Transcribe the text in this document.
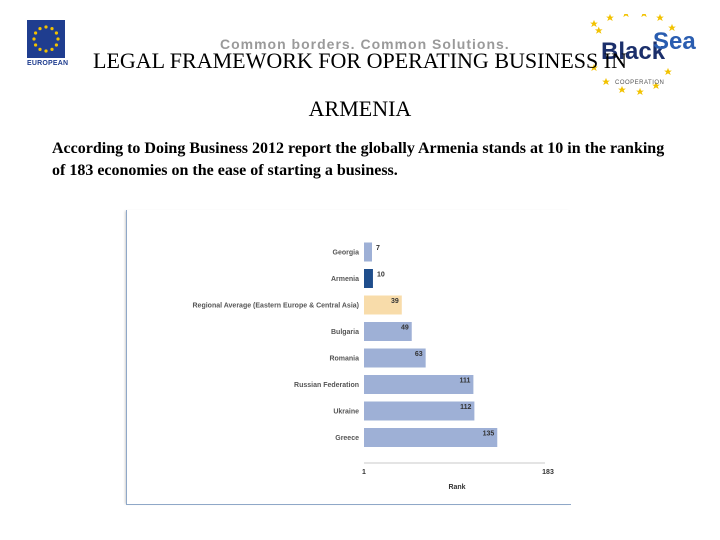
EUROPEAN
Common borders. Common Solutions.	Black
Sea
COOPERATION
LEGAL FRAMEWORK FOR OPERATING BUSINESS IN
ARMENIA
According to Doing Business 2012 report the globally Armenia stands at 10 in the ranking of 183 economies on the ease of starting a business.
Georgia
7
Armenia
10
Regional Average (Eastern Europe & Central Asia)
39
Bulgaria
49
Romania
63
Russian Federation
111
Ukraine
112
Greece
135
1	183
Rank
